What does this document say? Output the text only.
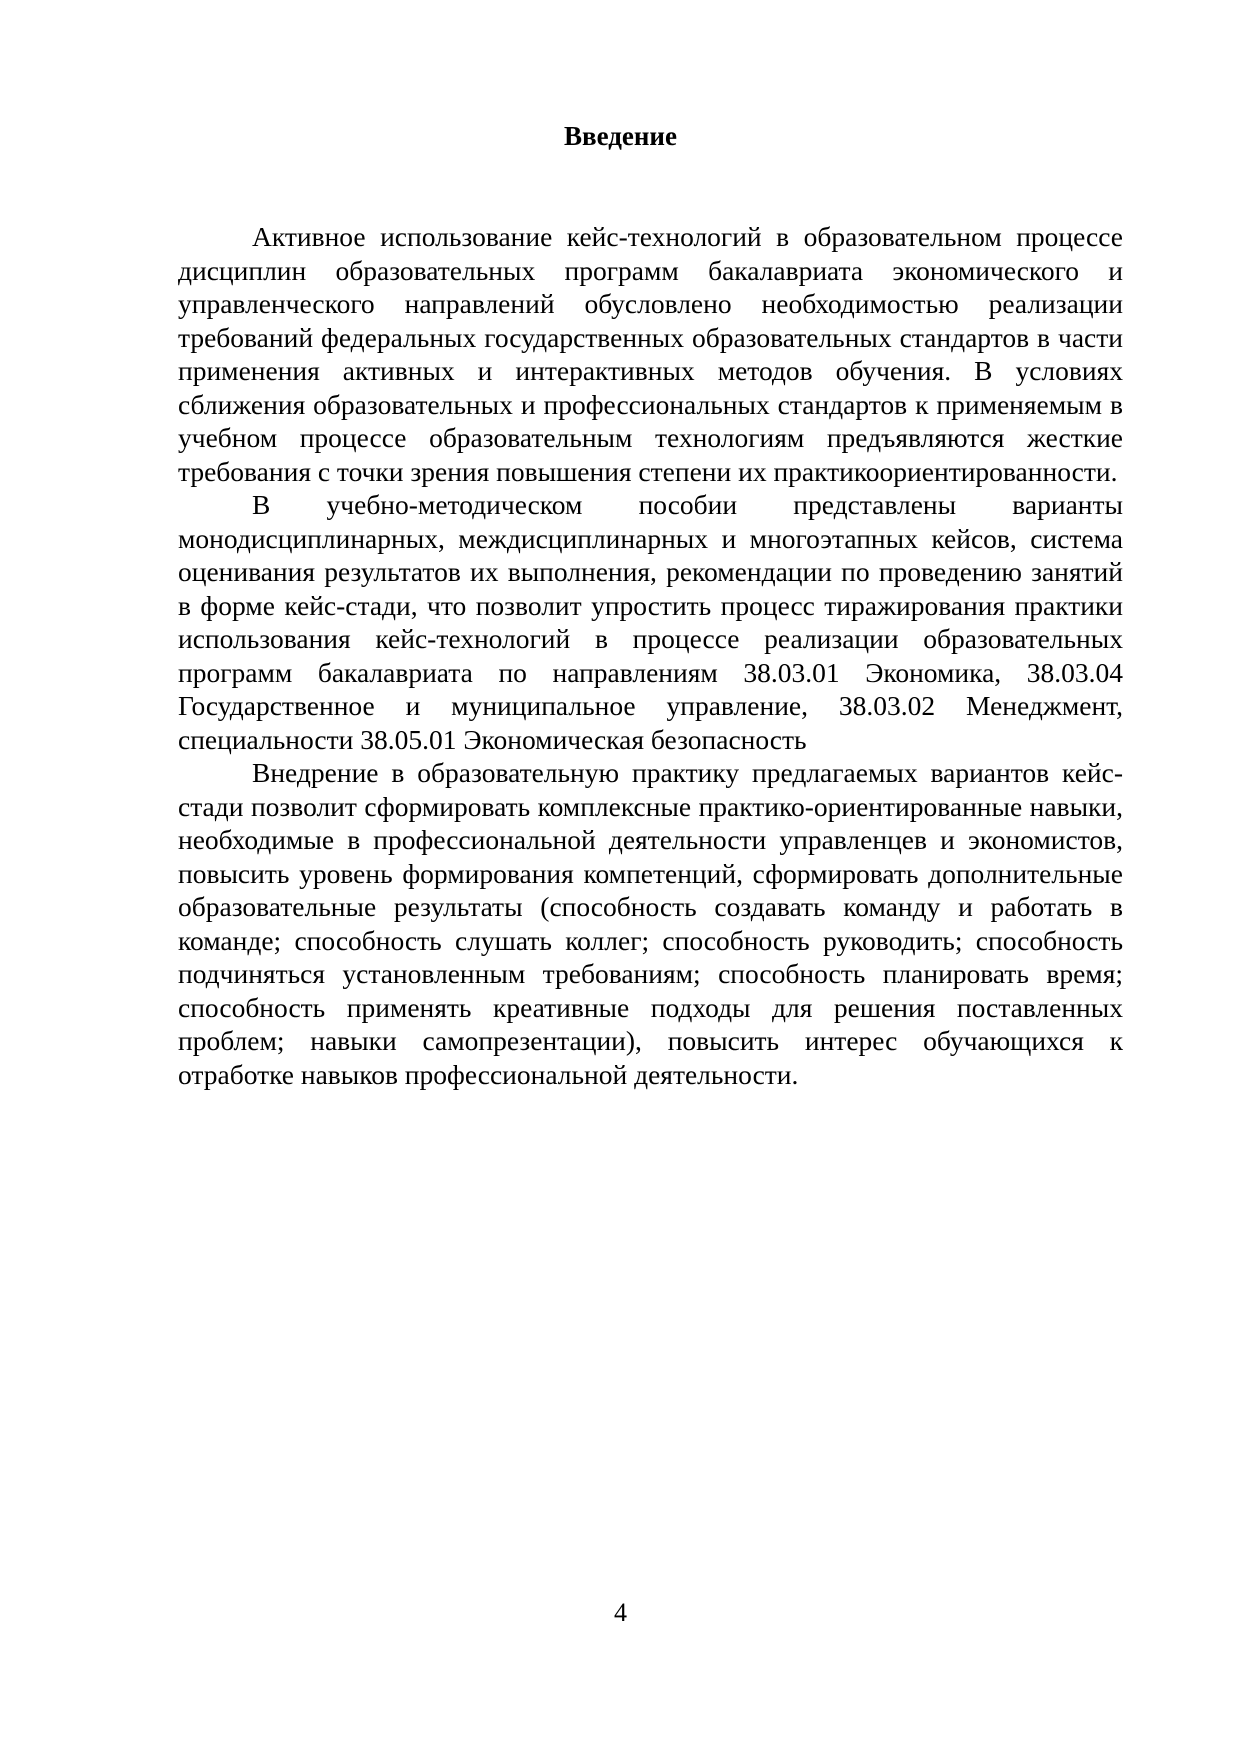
Введение

Активное использование кейс-технологий в образовательном процессе дисциплин образовательных программ бакалавриата экономического и управленческого направлений обусловлено необходимостью реализации требований федеральных государственных образовательных стандартов в части применения активных и интерактивных методов обучения. В условиях сближения образовательных и профессиональных стандартов к применяемым в учебном процессе образовательным технологиям предъявляются жесткие требования с точки зрения повышения степени их практикоориентированности.

В учебно-методическом пособии представлены варианты монодисциплинарных, междисциплинарных и многоэтапных кейсов, система оценивания результатов их выполнения, рекомендации по проведению занятий в форме кейс-стади, что позволит упростить процесс тиражирования практики использования кейс-технологий в процессе реализации образовательных программ бакалавриата по направлениям 38.03.01 Экономика, 38.03.04 Государственное и муниципальное управление, 38.03.02 Менеджмент, специальности 38.05.01 Экономическая безопасность

Внедрение в образовательную практику предлагаемых вариантов кейс-стади позволит сформировать комплексные практико-ориентированные навыки, необходимые в профессиональной деятельности управленцев и экономистов, повысить уровень формирования компетенций, сформировать дополнительные образовательные результаты (способность создавать команду и работать в команде; способность слушать коллег; способность руководить; способность подчиняться установленным требованиям; способность планировать время; способность применять креативные подходы для решения поставленных проблем; навыки самопрезентации), повысить интерес обучающихся к отработке навыков профессиональной деятельности.

4
